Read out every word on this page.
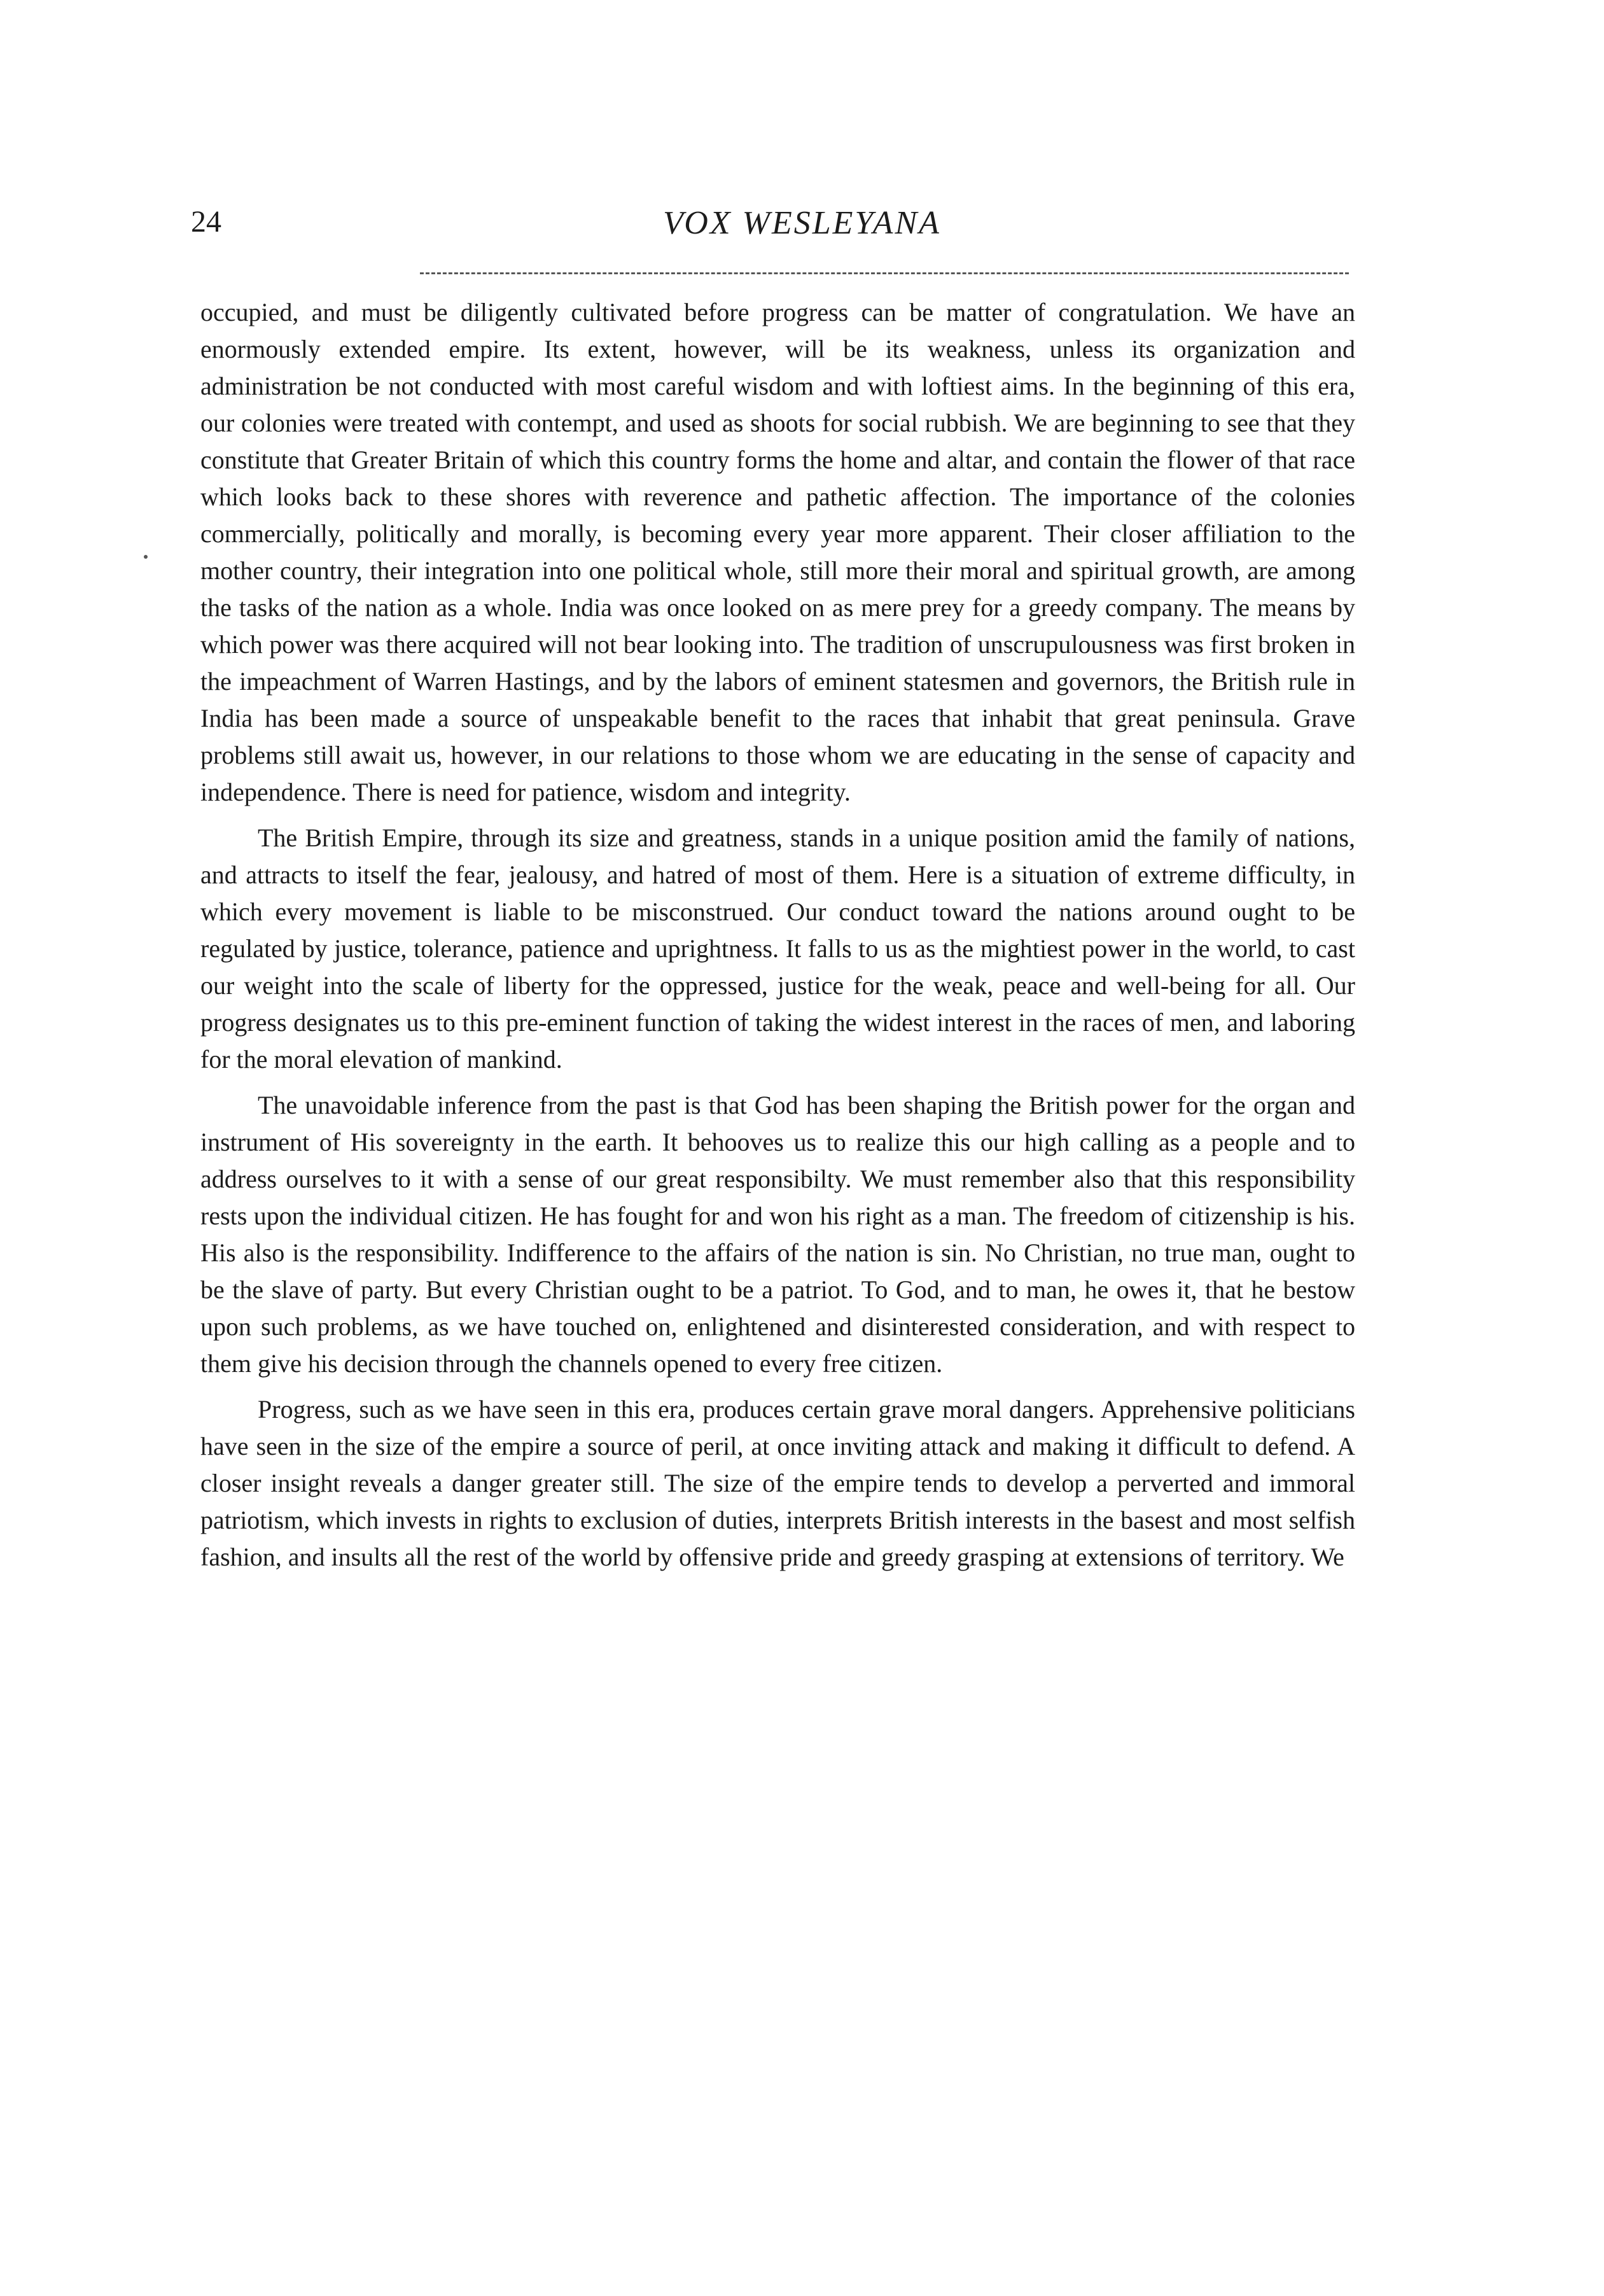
24	VOX WESLEYANA

occupied, and must be diligently cultivated before progress can be matter of congratulation. We have an enormously extended empire. Its extent, however, will be its weakness, unless its organization and administration be not conducted with most careful wisdom and with loftiest aims. In the beginning of this era, our colonies were treated with contempt, and used as shoots for social rubbish. We are beginning to see that they constitute that Greater Britain of which this country forms the home and altar, and contain the flower of that race which looks back to these shores with reverence and pathetic affection. The importance of the colonies commercially, politically and morally, is becoming every year more apparent. Their closer affiliation to the mother country, their integration into one political whole, still more their moral and spiritual growth, are among the tasks of the nation as a whole. India was once looked on as mere prey for a greedy company. The means by which power was there acquired will not bear looking into. The tradition of unscrupulousness was first broken in the impeachment of Warren Hastings, and by the labors of eminent statesmen and governors, the British rule in India has been made a source of unspeakable benefit to the races that inhabit that great peninsula. Grave problems still await us, however, in our relations to those whom we are educating in the sense of capacity and independence. There is need for patience, wisdom and integrity.

The British Empire, through its size and greatness, stands in a unique position amid the family of nations, and attracts to itself the fear, jealousy, and hatred of most of them. Here is a situation of extreme difficulty, in which every movement is liable to be misconstrued. Our conduct toward the nations around ought to be regulated by justice, tolerance, patience and uprightness. It falls to us as the mightiest power in the world, to cast our weight into the scale of liberty for the oppressed, justice for the weak, peace and well-being for all. Our progress designates us to this pre-eminent function of taking the widest interest in the races of men, and laboring for the moral elevation of mankind.

The unavoidable inference from the past is that God has been shaping the British power for the organ and instrument of His sovereignty in the earth. It behooves us to realize this our high calling as a people and to address ourselves to it with a sense of our great responsibilty. We must remember also that this responsibility rests upon the individual citizen. He has fought for and won his right as a man. The freedom of citizenship is his. His also is the responsibility. Indifference to the affairs of the nation is sin. No Christian, no true man, ought to be the slave of party. But every Christian ought to be a patriot. To God, and to man, he owes it, that he bestow upon such problems, as we have touched on, enlightened and disinterested consideration, and with respect to them give his decision through the channels opened to every free citizen.

Progress, such as we have seen in this era, produces certain grave moral dangers. Apprehensive politicians have seen in the size of the empire a source of peril, at once inviting attack and making it difficult to defend. A closer insight reveals a danger greater still. The size of the empire tends to develop a perverted and immoral patriotism, which invests in rights to exclusion of duties, interprets British interests in the basest and most selfish fashion, and insults all the rest of the world by offensive pride and greedy grasping at extensions of territory. We
